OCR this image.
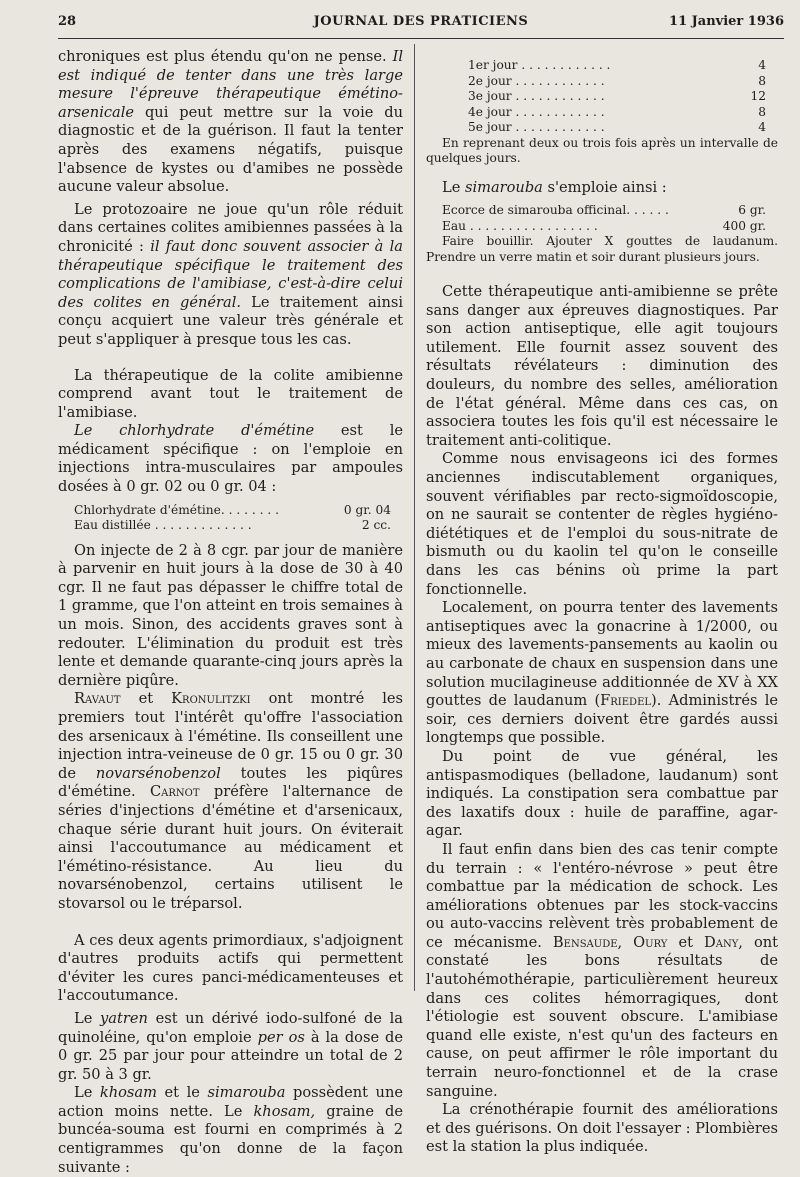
28	JOURNAL DES PRATICIENS	11 Janvier 1936

chroniques est plus étendu qu'on ne pense. Il est indiqué de tenter dans une très large mesure l'épreuve thérapeutique émétino-arsenicale qui peut mettre sur la voie du diagnostic et de la guérison. Il faut la tenter après des examens négatifs, puisque l'absence de kystes ou d'amibes ne possède aucune valeur absolue.

Le protozoaire ne joue qu'un rôle réduit dans certaines colites amibiennes passées à la chronicité : il faut donc souvent associer à la thérapeutique spécifique le traitement des complications de l'amibiase, c'est-à-dire celui des colites en général. Le traitement ainsi conçu acquiert une valeur très générale et peut s'appliquer à presque tous les cas.

La thérapeutique de la colite amibienne comprend avant tout le traitement de l'amibiase.

Le chlorhydrate d'émétine est le médicament spécifique : on l'emploie en injections intra-musculaires par ampoules dosées à 0 gr. 02 ou 0 gr. 04 :

Chlorhydrate d'émétine. . . . . . . .	0 gr. 04
Eau distillée . . . . . . . . . . . . .	2 cc.

On injecte de 2 à 8 cgr. par jour de manière à parvenir en huit jours à la dose de 30 à 40 cgr. Il ne faut pas dépasser le chiffre total de 1 gramme, que l'on atteint en trois semaines à un mois. Sinon, des accidents graves sont à redouter. L'élimination du produit est très lente et demande quarante-cinq jours après la dernière piqûre.

Ravaut et Kronulitzki ont montré les premiers tout l'intérêt qu'offre l'association des arsenicaux à l'émétine. Ils conseillent une injection intra-veineuse de 0 gr. 15 ou 0 gr. 30 de novarsénobenzol toutes les piqûres d'émétine. Carnot préfère l'alternance de séries d'injections d'émétine et d'arsenicaux, chaque série durant huit jours. On éviterait ainsi l'accoutumance au médicament et l'émétino-résistance. Au lieu du novarsénobenzol, certains utilisent le stovarsol ou le tréparsol.

A ces deux agents primordiaux, s'adjoignent d'autres produits actifs qui permettent d'éviter les cures panci-médicamenteuses et l'accoutumance.

Le yatren est un dérivé iodo-sulfoné de la quinoléine, qu'on emploie per os à la dose de 0 gr. 25 par jour pour atteindre un total de 2 gr. 50 à 3 gr.

Le khosam et le simarouba possèdent une action moins nette. Le khosam, graine de buncéa-souma est fourni en comprimés à 2 centigrammes qu'on donne de la façon suivante :

1er jour . . . . . . . . . . . .	4
2e jour . . . . . . . . . . . .	8
3e jour . . . . . . . . . . . .	12
4e jour . . . . . . . . . . . .	8
5e jour . . . . . . . . . . . .	4

En reprenant deux ou trois fois après un intervalle de quelques jours.

Le simarouba s'emploie ainsi :

Ecorce de simarouba officinal. . . . . .	6 gr.
Eau . . . . . . . . . . . . . . . . .	400 gr.

Faire bouillir. Ajouter X gouttes de laudanum. Prendre un verre matin et soir durant plusieurs jours.

Cette thérapeutique anti-amibienne se prête sans danger aux épreuves diagnostiques. Par son action antiseptique, elle agit toujours utilement. Elle fournit assez souvent des résultats révélateurs : diminution des douleurs, du nombre des selles, amélioration de l'état général. Même dans ces cas, on associera toutes les fois qu'il est nécessaire le traitement anti-colitique.

Comme nous envisageons ici des formes anciennes indiscutablement organiques, souvent vérifiables par recto-sigmoïdoscopie, on ne saurait se contenter de règles hygiéno-diététiques et de l'emploi du sous-nitrate de bismuth ou du kaolin tel qu'on le conseille dans les cas bénins où prime la part fonctionnelle.

Localement, on pourra tenter des lavements antiseptiques avec la gonacrine à 1/2000, ou mieux des lavements-pansements au kaolin ou au carbonate de chaux en suspension dans une solution mucilagineuse additionnée de XV à XX gouttes de laudanum (Friedel). Administrés le soir, ces derniers doivent être gardés aussi longtemps que possible.

Du point de vue général, les antispasmodiques (belladone, laudanum) sont indiqués. La constipation sera combattue par des laxatifs doux : huile de paraffine, agar-agar.

Il faut enfin dans bien des cas tenir compte du terrain : « l'entéro-névrose » peut être combattue par la médication de schock. Les améliorations obtenues par les stock-vaccins ou auto-vaccins relèvent très probablement de ce mécanisme. Bensaude, Oury et Dany, ont constaté les bons résultats de l'autohémothérapie, particulièrement heureux dans ces colites hémorragiques, dont l'étiologie est souvent obscure. L'amibiase quand elle existe, n'est qu'un des facteurs en cause, on peut affirmer le rôle important du terrain neuro-fonctionnel et de la crase sanguine.

La crénothérapie fournit des améliorations et des guérisons. On doit l'essayer : Plombières est la station la plus indiquée.
